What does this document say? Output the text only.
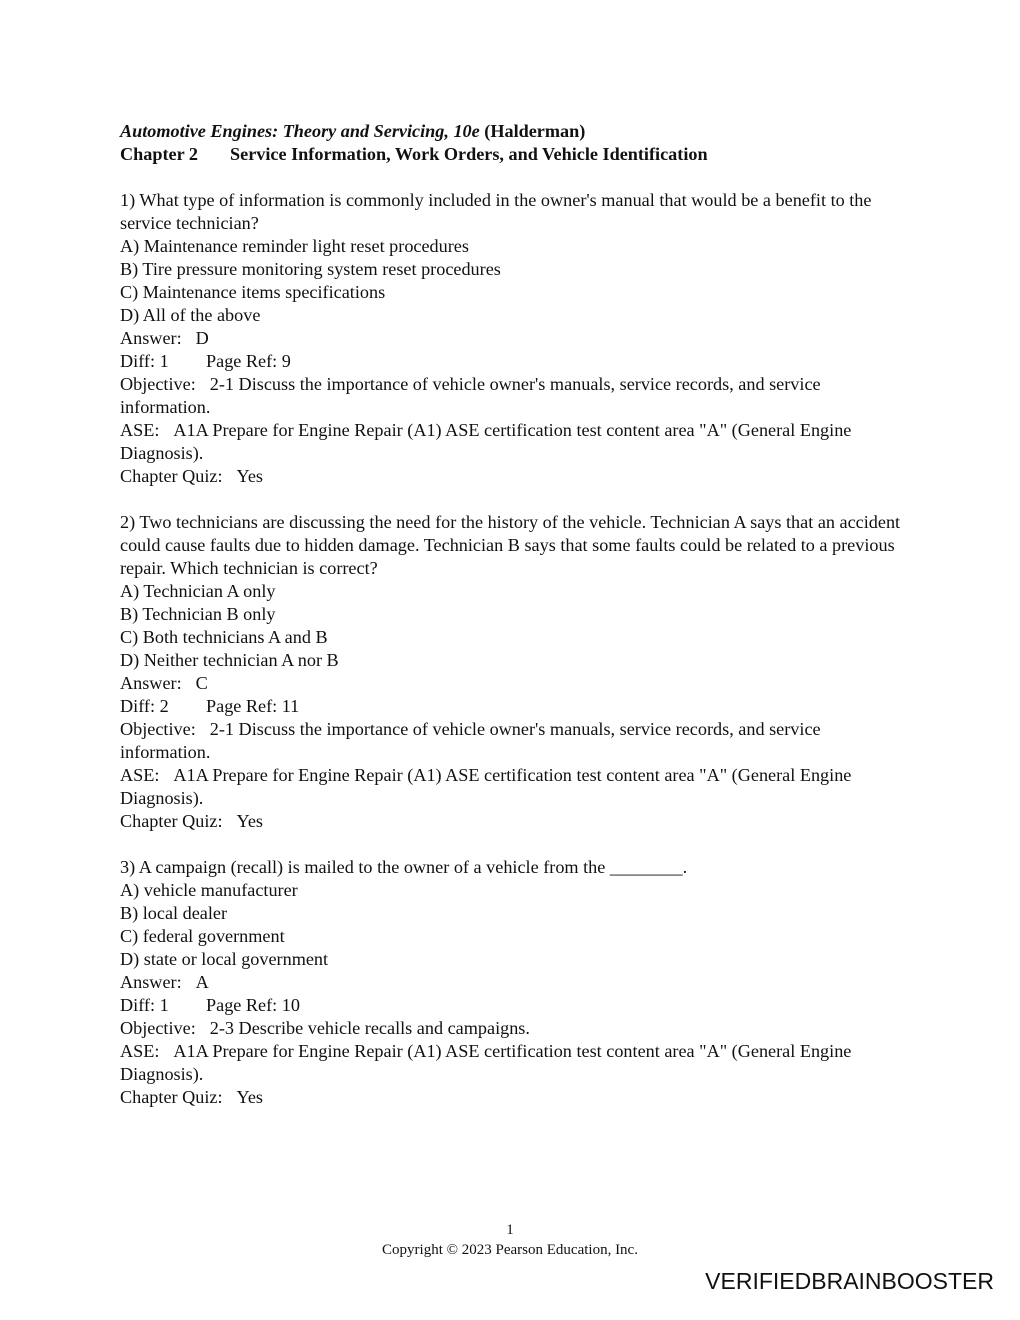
Automotive Engines: Theory and Servicing, 10e (Halderman)
Chapter 2 Service Information, Work Orders, and Vehicle Identification

1) What type of information is commonly included in the owner's manual that would be a benefit to the service technician?

A) Maintenance reminder light reset procedures

B) Tire pressure monitoring system reset procedures

C) Maintenance items specifications

D) All of the above

Answer: D

Diff: 1 Page Ref: 9

Objective: 2-1 Discuss the importance of vehicle owner's manuals, service records, and service information.

ASE: A1A Prepare for Engine Repair (A1) ASE certification test content area "A" (General Engine Diagnosis).

Chapter Quiz: Yes

2) Two technicians are discussing the need for the history of the vehicle. Technician A says that an accident could cause faults due to hidden damage. Technician B says that some faults could be related to a previous repair. Which technician is correct?

A) Technician A only

B) Technician B only

C) Both technicians A and B

D) Neither technician A nor B

Answer: C

Diff: 2 Page Ref: 11

Objective: 2-1 Discuss the importance of vehicle owner's manuals, service records, and service information.

ASE: A1A Prepare for Engine Repair (A1) ASE certification test content area "A" (General Engine Diagnosis).

Chapter Quiz: Yes

3) A campaign (recall) is mailed to the owner of a vehicle from the ________.

A) vehicle manufacturer

B) local dealer

C) federal government

D) state or local government

Answer: A

Diff: 1 Page Ref: 10

Objective: 2-3 Describe vehicle recalls and campaigns.

ASE: A1A Prepare for Engine Repair (A1) ASE certification test content area "A" (General Engine Diagnosis).

Chapter Quiz: Yes

1
Copyright © 2023 Pearson Education, Inc.
VERIFIEDBRAINBOOSTER
